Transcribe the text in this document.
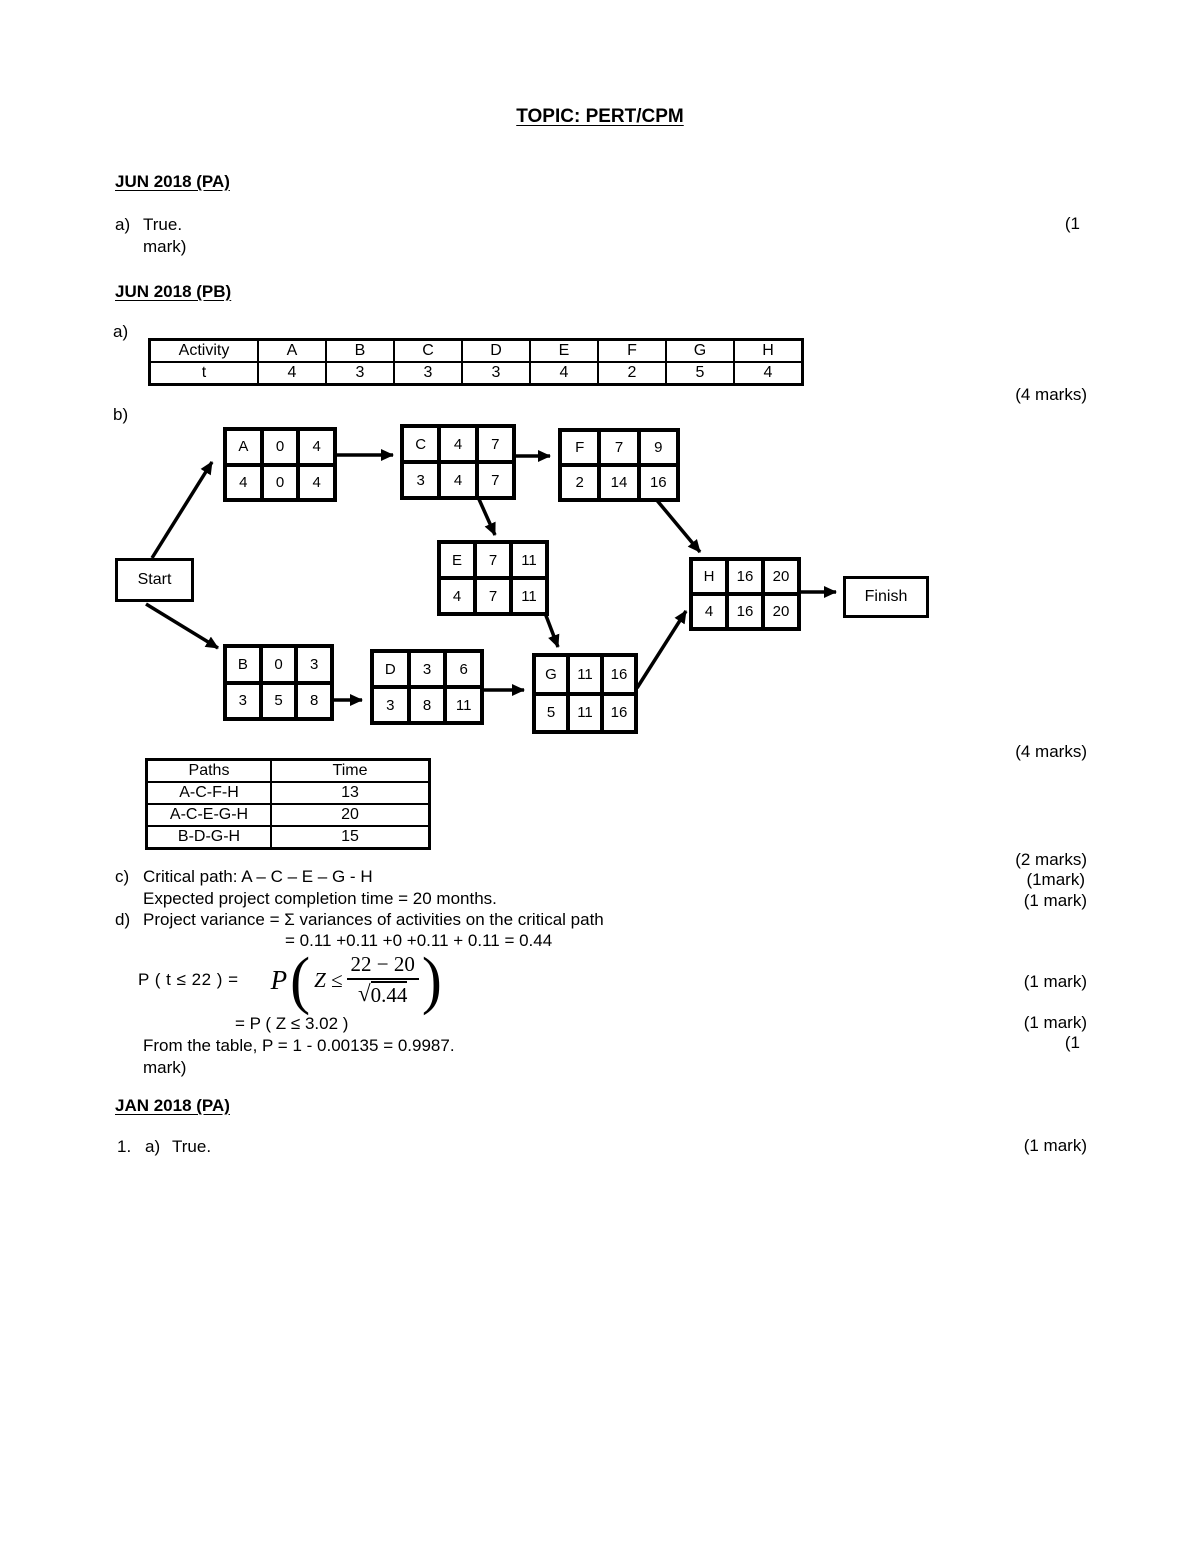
TOPIC: PERT/CPM
JUN 2018 (PA)
a) True.	(1
mark)
JUN 2018 (PB)
a)
Activity	A	B	C	D	E	F	G	H
t	4	3	3	3	4	2	5	4
(4 marks)
b)
Start
A	0	4
4	0	4
C	4	7
3	4	7
F	7	9
2	14	16
E	7	11
4	7	11
H	16	20
4	16	20
Finish
B	0	3
3	5	8
D	3	6
3	8	11
G	11	16
5	11	16
(4 marks)
Paths	Time
A-C-F-H	13
A-C-E-G-H	20
B-D-G-H	15
(2 marks)
c) Critical path: A – C – E – G - H	(1mark)
Expected project completion time = 20 months.	(1 mark)
d) Project variance = Σ variances of activities on the critical path
= 0.11 +0.11 +0 +0.11 + 0.11 = 0.44
P ( t ≤ 22 ) = P ( $Z \le \frac{22 - 20}{√ 0.44}$ )	(1 mark)
= P ( Z ≤ 3.02 )	(1 mark)
From the table, P = 1 - 0.00135 = 0.9987.	(1
mark)
JAN 2018 (PA)
1. a) True.	(1 mark)
